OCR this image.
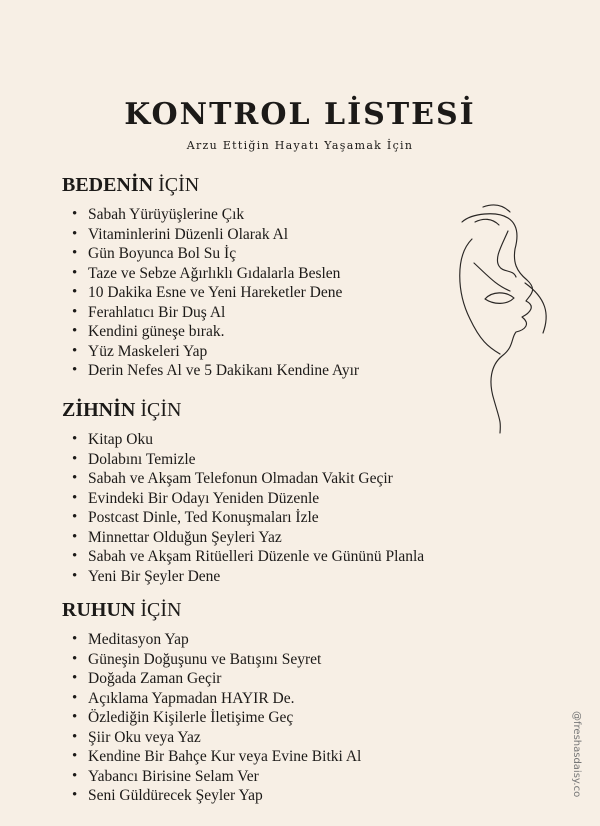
KONTROL LİSTESİ
Arzu Ettiğin Hayatı Yaşamak İçin
BEDENİN İÇİN
• Sabah Yürüyüşlerine Çık
• Vitaminlerini Düzenli Olarak Al
• Gün Boyunca Bol Su İç
• Taze ve Sebze Ağırlıklı Gıdalarla Beslen
• 10 Dakika Esne ve Yeni Hareketler Dene
• Ferahlatıcı Bir Duş Al
• Kendini güneşe bırak.
• Yüz Maskeleri Yap
• Derin Nefes Al ve 5 Dakikanı Kendine Ayır
ZİHNİN İÇİN
• Kitap Oku
• Dolabını Temizle
• Sabah ve Akşam Telefonun Olmadan Vakit Geçir
• Evindeki Bir Odayı Yeniden Düzenle
• Postcast Dinle, Ted Konuşmaları İzle
• Minnettar Olduğun Şeyleri Yaz
• Sabah ve Akşam Ritüelleri Düzenle ve Gününü Planla
• Yeni Bir Şeyler Dene
RUHUN İÇİN
• Meditasyon Yap
• Güneşin Doğuşunu ve Batışını Seyret
• Doğada Zaman Geçir
• Açıklama Yapmadan HAYIR De.
• Özlediğin Kişilerle İletişime Geç
• Şiir Oku veya Yaz
• Kendine Bir Bahçe Kur veya Evine Bitki Al
• Yabancı Birisine Selam Ver
• Seni Güldürecek Şeyler Yap	@freshasdaisy.co
